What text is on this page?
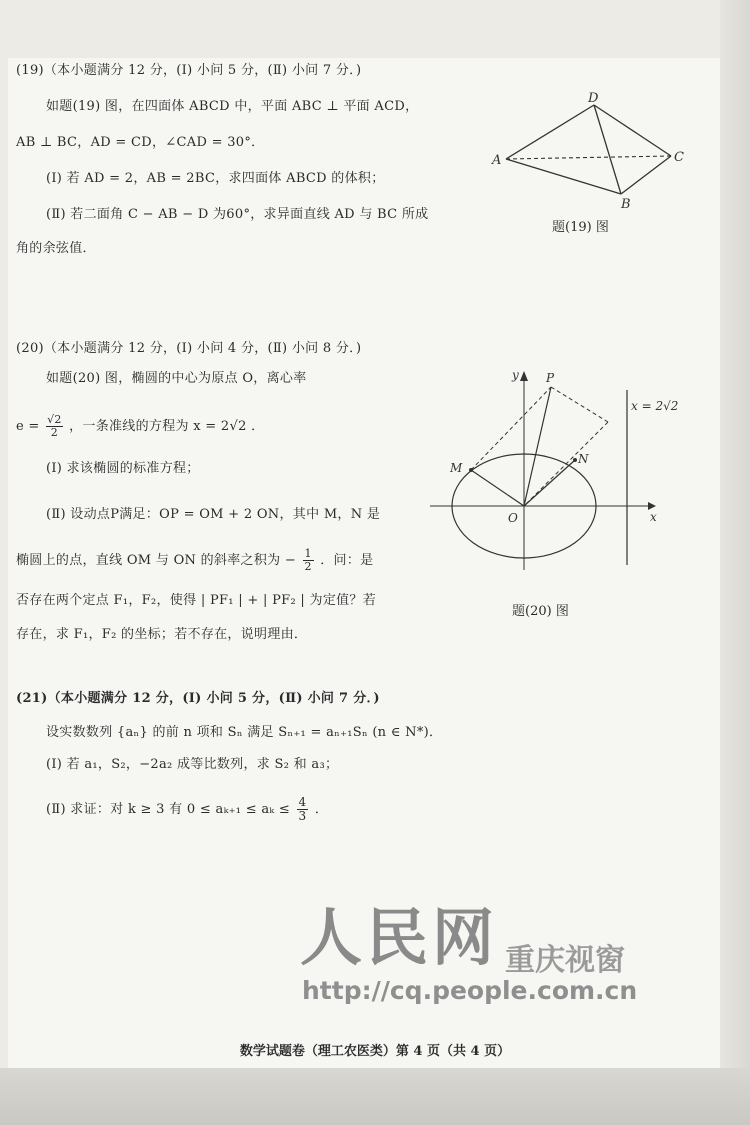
(19)（本小题满分 12 分，(Ⅰ) 小问 5 分，(Ⅱ) 小问 7 分．)
如题(19) 图，在四面体 ABCD 中，平面 ABC ⊥ 平面 ACD，
AB ⊥ BC，AD = CD，∠CAD = 30°．
(Ⅰ) 若 AD = 2，AB = 2BC，求四面体 ABCD 的体积；
(Ⅱ) 若二面角 C − AB − D 为60°，求异面直线 AD 与 BC 所成
角的余弦值．
D
A	C
B
题(19) 图
(20)（本小题满分 12 分，(Ⅰ) 小问 4 分，(Ⅱ) 小问 8 分．)
如题(20) 图，椭圆的中心为原点 O，离心率
$e = \frac{√2}{2}$ ，一条准线的方程为 x = 2√2 ．
(Ⅰ) 求该椭圆的标准方程；
(Ⅱ) 设动点P满足：OP = OM + 2 ON，其中 M，N 是
椭圆上的点，直线 OM 与 ON 的斜率之积为 − $\frac{1}{2}$ ．问：是
否存在两个定点 F₁，F₂，使得 | PF₁ | + | PF₂ | 为定值？若
存在，求 F₁，F₂ 的坐标；若不存在，说明理由．
y
x
O
M
N
P
x = 2√2
题(20) 图
(21)（本小题满分 12 分，(Ⅰ) 小问 5 分，(Ⅱ) 小问 7 分．)
设实数数列 {aₙ} 的前 n 项和 Sₙ 满足 Sₙ₊₁ = aₙ₊₁Sₙ (n ∈ N*)．
(Ⅰ) 若 a₁，S₂，−2a₂ 成等比数列，求 S₂ 和 a₃；
(Ⅱ) 求证：对 k ≥ 3 有 $0 \le a_{k+1} \le a_k \le \frac{4}{3}$ ．
人民网 重庆视窗
http://cq.people.com.cn
数学试题卷（理工农医类）第 4 页（共 4 页）
